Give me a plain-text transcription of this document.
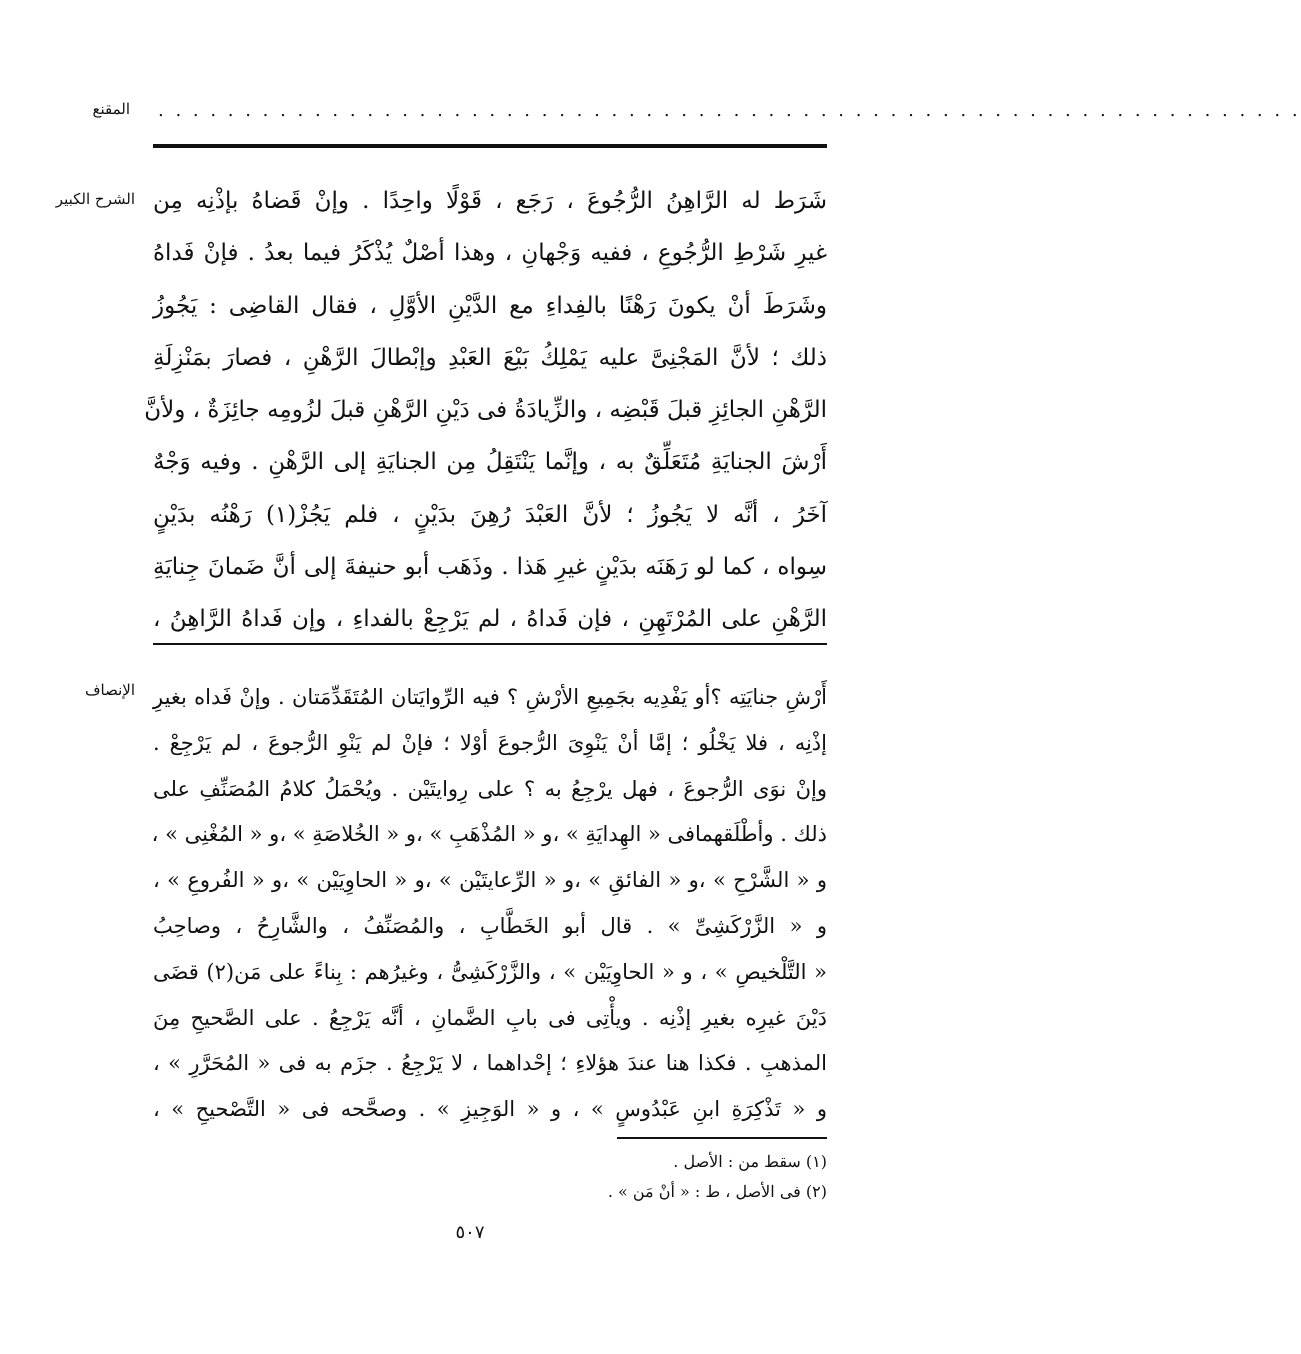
المقنع . . . . . . . . . . . . . . . . . . . . . . . . . . . . . . . . . . . . . . . . . . . . . . . . . . . . . . . . . . . . . . . . . .
الشرح الكبير شَرَط له الرَّاهِنُ الرُّجُوعَ ، رَجَع ، قَوْلًا واحِدًا . وإنْ قَضاهُ بإذْنِه مِن
غيرِ شَرْطِ الرُّجُوعِ ، ففيه وَجْهانِ ، وهذا أصْلٌ يُذْكَرُ فيما بعدُ . فإنْ فَداهُ
وشَرَطَ أنْ يكونَ رَهْنًا بالفِداءِ مع الدَّيْنِ الأوَّلِ ، فقال القاضِى : يَجُوزُ
ذلك ؛ لأنَّ المَجْنِىَّ عليه يَمْلِكُ بَيْعَ العَبْدِ وإبْطالَ الرَّهْنِ ، فصارَ بمَنْزِلَةِ
الرَّهْنِ الجائِزِ قبلَ قَبْضِه ، والزِّيادَةُ فى دَيْنِ الرَّهْنِ قبلَ لزُومِه جائِزَةٌ ، ولأنَّ
أَرْشَ الجنايَةِ مُتَعَلِّقٌ به ، وإنَّما يَنْتَقِلُ مِن الجنايَةِ إلى الرَّهْنِ . وفيه وَجْهٌ
آخَرُ ، أنَّه لا يَجُوزُ ؛ لأنَّ العَبْدَ رُهِنَ بدَيْنٍ ، فلم يَجُزْ(١) رَهْنُه بدَيْنٍ
سِواه ، كما لو رَهَنَه بدَيْنٍ غيرِ هَذا . وذَهَب أبو حنيفةَ إلى أنَّ ضَمانَ جِنايَةِ
الرَّهْنِ على المُرْتَهِنِ ، فإن فَداهُ ، لم يَرْجِعْ بالفداءِ ، وإن فَداهُ الرَّاهِنُ ،
الإنصاف أَرْشِ جنايَتِه ؟أو يَفْدِيه بجَمِيعِ الأرْشِ ؟ فيه الرِّوايَتان المُتَقَدِّمَتان . وإنْ فَداه بغيرِ
إذْنِه ، فلا يَخْلُو ؛ إمَّا أنْ يَنْوِىَ الرُّجوعَ أوْلا ؛ فإنْ لم يَنْوِ الرُّجوعَ ، لم يَرْجِعْ .
وإنْ نوَى الرُّجوعَ ، فهل يرْجِعُ به ؟ على رِوايتَيْن . ويُحْمَلُ كلامُ المُصَنِّفِ على
ذلك . وأطْلَقهمافى « الهِدايَةِ » ،و « المُذْهَبِ » ،و « الخُلاصَةِ » ،و « المُغْنِى » ،
و « الشَّرْحِ » ،و « الفائقِ » ،و « الرِّعايتَيْن » ،و « الحاوِيَيْن » ،و « الفُروعِ » ،
و « الزَّرْكَشِىِّ » . قال أبو الخَطَّابِ ، والمُصَنِّفُ ، والشَّارِحُ ، وصاحِبُ
« التَّلْخيصِ » ، و « الحاوِيَيْن » ، والزَّرْكَشِىُّ ، وغيرُهم : بِناءً على مَن(٢) قضَى
دَيْنَ غيرِه بغيرِ إذْنِه . ويأْتِى فى بابِ الضَّمانِ ، أنَّه يَرْجِعُ . على الصَّحيحِ مِنَ
المذهبِ . فكذا هنا عندَ هؤلاءِ ؛ إحْداهما ، لا يَرْجِعُ . جزَم به فى « المُحَرَّرِ » ،
و « تَذْكِرَةِ ابنِ عَبْدُوسٍ » ، و « الوَجِيزِ » . وصحَّحه فى « التَّصْحيحِ » ،
(١) سقط من : الأصل .
(٢) فى الأصل ، ط : « أنْ مَن » .
٥٠٧
